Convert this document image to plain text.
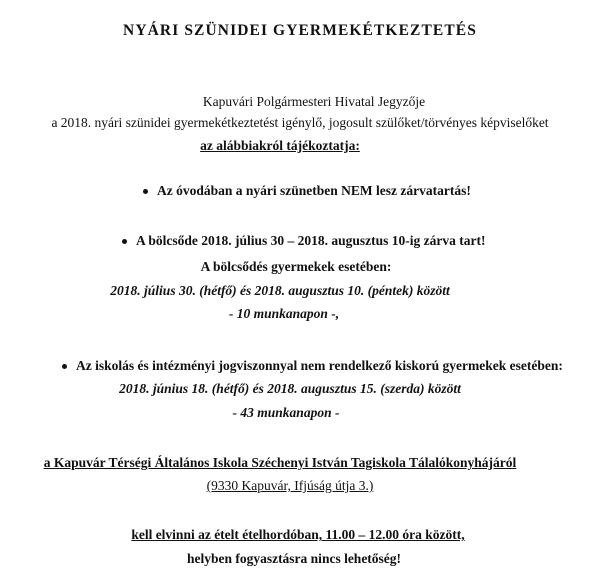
NYÁRI SZÜNIDEI GYERMEKÉTKEZTETÉS
Kapuvári Polgármesteri Hivatal Jegyzője
a 2018. nyári szünidei gyermekétkeztetést igénylő, jogosult szülőket/törvényes képviselőket
az alábbiakról tájékoztatja:
Az óvodában a nyári szünetben NEM lesz zárvatartás!
A bölcsőde 2018. július 30 – 2018. augusztus 10-ig zárva tart!
A bölcsődés gyermekek esetében:
2018. július 30. (hétfő) és 2018. augusztus 10. (péntek) között
- 10 munkanapon -,
Az iskolás és intézményi jogviszonnyal nem rendelkező kiskorú gyermekek esetében:
2018. június 18. (hétfő) és 2018. augusztus 15. (szerda) között
- 43 munkanapon -
a Kapuvár Térségi Általános Iskola Széchenyi István Tagiskola Tálalókonyhájáról
(9330 Kapuvár, Ifjúság útja 3.)
kell elvinni az ételt ételhordóban, 11.00 – 12.00 óra között,
helyben fogyasztásra nincs lehetőség!
